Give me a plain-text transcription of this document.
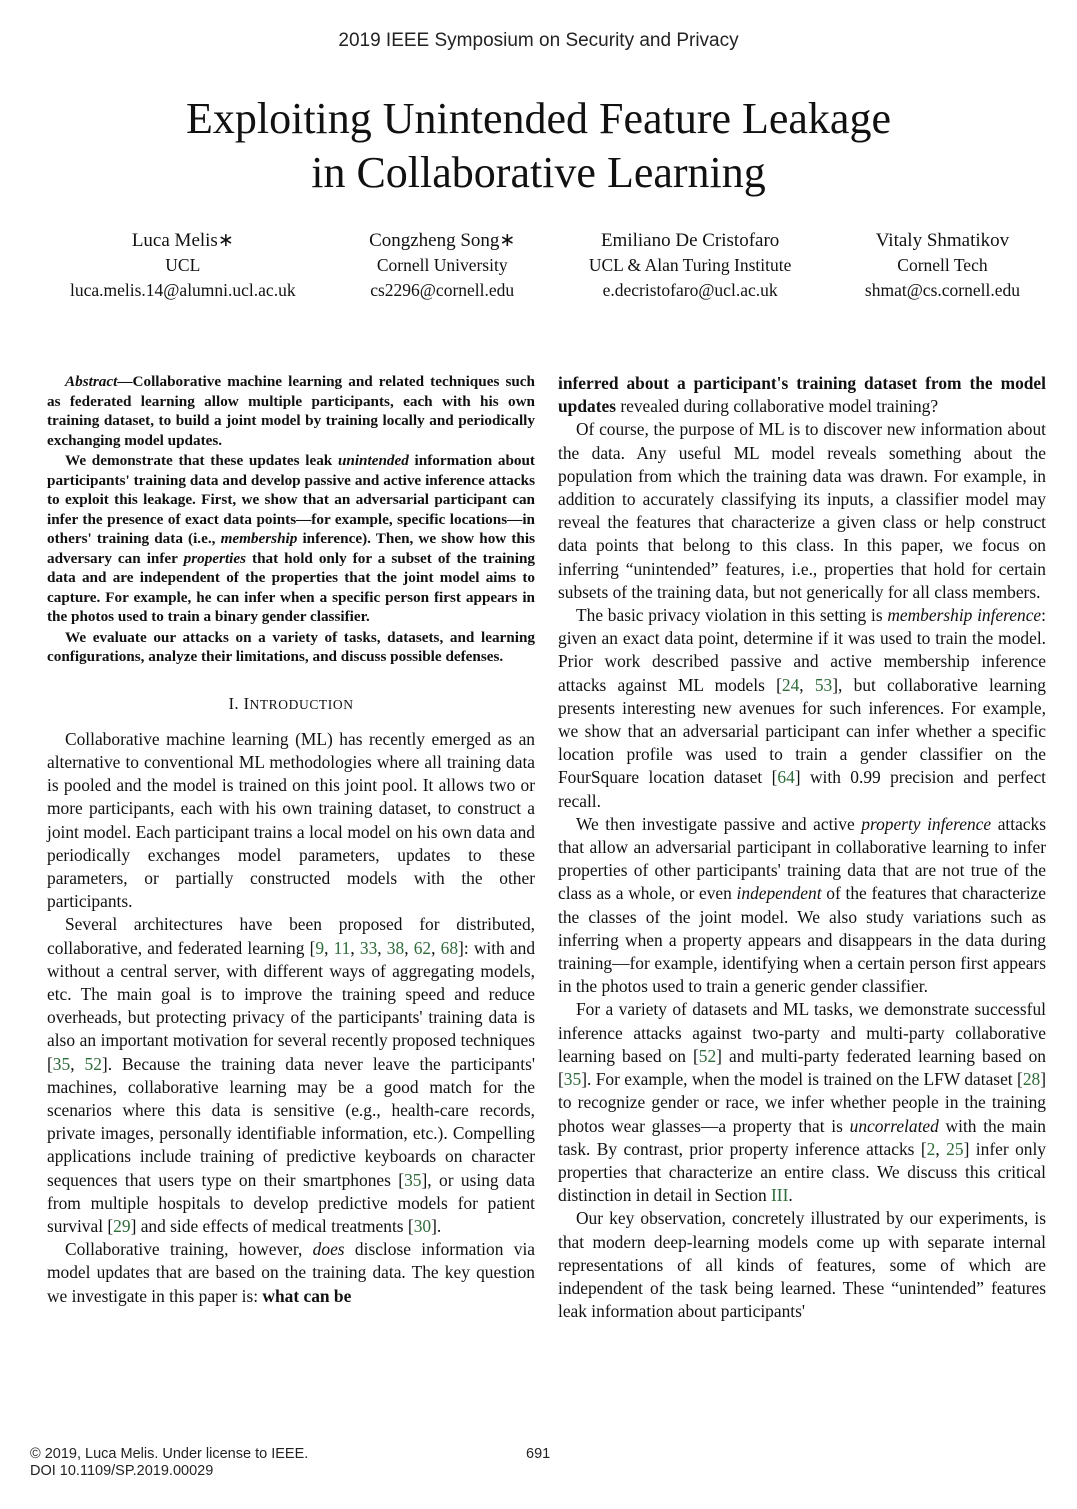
2019 IEEE Symposium on Security and Privacy
Exploiting Unintended Feature Leakage
in Collaborative Learning
Luca Melis∗
UCL
luca.melis.14@alumni.ucl.ac.uk
Congzheng Song∗
Cornell University
cs2296@cornell.edu
Emiliano De Cristofaro
UCL & Alan Turing Institute
e.decristofaro@ucl.ac.uk
Vitaly Shmatikov
Cornell Tech
shmat@cs.cornell.edu

Abstract—Collaborative machine learning and related techniques such as federated learning allow multiple participants, each with his own training dataset, to build a joint model by training locally and periodically exchanging model updates.

We demonstrate that these updates leak unintended information about participants' training data and develop passive and active inference attacks to exploit this leakage. First, we show that an adversarial participant can infer the presence of exact data points—for example, specific locations—in others' training data (i.e., membership inference). Then, we show how this adversary can infer properties that hold only for a subset of the training data and are independent of the properties that the joint model aims to capture. For example, he can infer when a specific person first appears in the photos used to train a binary gender classifier.

We evaluate our attacks on a variety of tasks, datasets, and learning configurations, analyze their limitations, and discuss possible defenses.

I. INTRODUCTION

Collaborative machine learning (ML) has recently emerged as an alternative to conventional ML methodologies where all training data is pooled and the model is trained on this joint pool. It allows two or more participants, each with his own training dataset, to construct a joint model. Each participant trains a local model on his own data and periodically exchanges model parameters, updates to these parameters, or partially constructed models with the other participants.

Several architectures have been proposed for distributed, collaborative, and federated learning [9, 11, 33, 38, 62, 68]: with and without a central server, with different ways of aggregating models, etc. The main goal is to improve the training speed and reduce overheads, but protecting privacy of the participants' training data is also an important motivation for several recently proposed techniques [35, 52]. Because the training data never leave the participants' machines, collaborative learning may be a good match for the scenarios where this data is sensitive (e.g., health-care records, private images, personally identifiable information, etc.). Compelling applications include training of predictive keyboards on character sequences that users type on their smartphones [35], or using data from multiple hospitals to develop predictive models for patient survival [29] and side effects of medical treatments [30].

Collaborative training, however, does disclose information via model updates that are based on the training data. The key question we investigate in this paper is: what can be

inferred about a participant's training dataset from the model updates revealed during collaborative model training?

Of course, the purpose of ML is to discover new information about the data. Any useful ML model reveals something about the population from which the training data was drawn. For example, in addition to accurately classifying its inputs, a classifier model may reveal the features that characterize a given class or help construct data points that belong to this class. In this paper, we focus on inferring “unintended” features, i.e., properties that hold for certain subsets of the training data, but not generically for all class members.

The basic privacy violation in this setting is membership inference: given an exact data point, determine if it was used to train the model. Prior work described passive and active membership inference attacks against ML models [24, 53], but collaborative learning presents interesting new avenues for such inferences. For example, we show that an adversarial participant can infer whether a specific location profile was used to train a gender classifier on the FourSquare location dataset [64] with 0.99 precision and perfect recall.

We then investigate passive and active property inference attacks that allow an adversarial participant in collaborative learning to infer properties of other participants' training data that are not true of the class as a whole, or even independent of the features that characterize the classes of the joint model. We also study variations such as inferring when a property appears and disappears in the data during training—for example, identifying when a certain person first appears in the photos used to train a generic gender classifier.

For a variety of datasets and ML tasks, we demonstrate successful inference attacks against two-party and multi-party collaborative learning based on [52] and multi-party federated learning based on [35]. For example, when the model is trained on the LFW dataset [28] to recognize gender or race, we infer whether people in the training photos wear glasses—a property that is uncorrelated with the main task. By contrast, prior property inference attacks [2, 25] infer only properties that characterize an entire class. We discuss this critical distinction in detail in Section III.

Our key observation, concretely illustrated by our experiments, is that modern deep-learning models come up with separate internal representations of all kinds of features, some of which are independent of the task being learned. These “unintended” features leak information about participants'

© 2019, Luca Melis. Under license to IEEE.
DOI 10.1109/SP.2019.00029
691
